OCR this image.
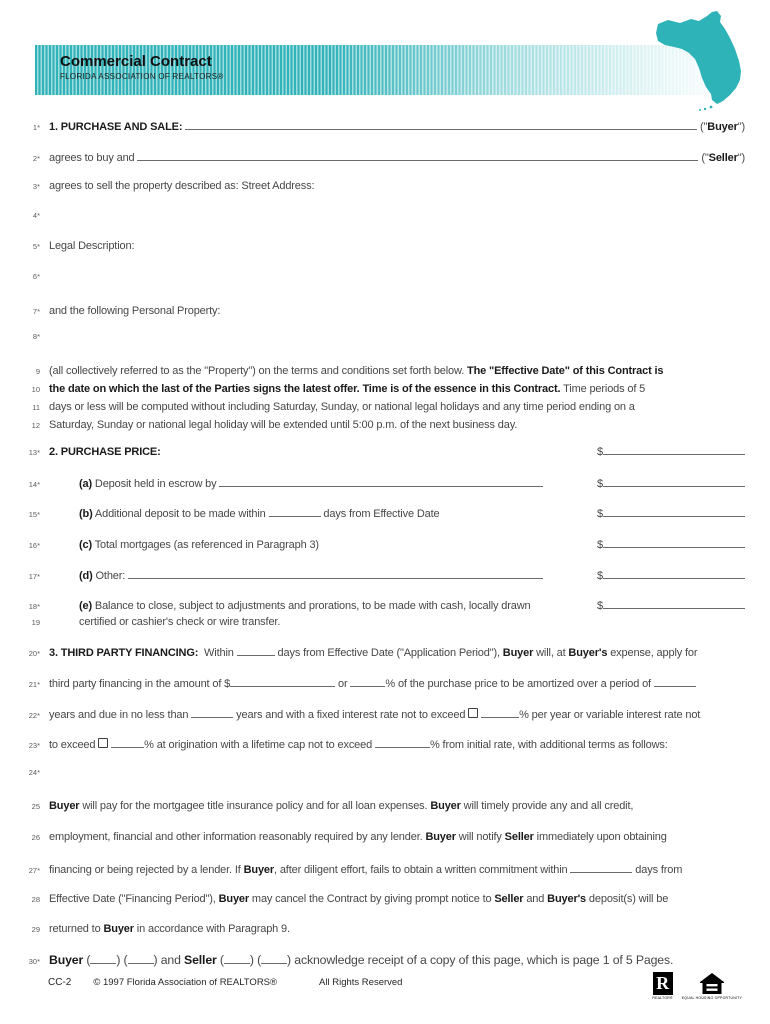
Commercial Contract
FLORIDA ASSOCIATION OF REALTORS®
1* 1. PURCHASE AND SALE:	(" Buyer ")
2* agrees to buy and	(" Seller ")
3* agrees to sell the property described as: Street Address:
4*
5* Legal Description:
6*
7* and the following Personal Property:
8*
9 (all collectively referred to as the "Property") on the terms and conditions set forth below. The "Effective Date" of this Contract is
10 the date on which the last of the Parties signs the latest offer. Time is of the essence in this Contract. Time periods of 5
11 days or less will be computed without including Saturday, Sunday, or national legal holidays and any time period ending on a
12 Saturday, Sunday or national legal holiday will be extended until 5:00 p.m. of the next business day.
13* 2. PURCHASE PRICE:	$
14*	(a) Deposit held in escrow by	$
15*	(b) Additional deposit to be made within	days from Effective Date	$
16*	(c) Total mortgages (as referenced in Paragraph 3)	$
17*	(d) Other:	$
18*	(e) Balance to close, subject to adjustments and prorations, to be made with cash, locally drawn	$
19	certified or cashier's check or wire transfer.
20* 3. THIRD PARTY FINANCING: Within	days from Effective Date ("Application Period"), Buyer will, at Buyer's expense, apply for
21* third party financing in the amount of $	or	% of the purchase price to be amortized over a period of
22* years and due in no less than	years and with a fixed interest rate not to exceed
	% per year or variable interest rate not
23* to exceed
	% at origination with a lifetime cap not to exceed	% from initial rate, with additional terms as follows:
24*
25 Buyer will pay for the mortgagee title insurance policy and for all loan expenses. Buyer will timely provide any and all credit,
26 employment, financial and other information reasonably required by any lender. Buyer will notify Seller immediately upon obtaining
27* financing or being rejected by a lender. If Buyer , after diligent effort, fails to obtain a written commitment within	days from
28 Effective Date ("Financing Period"), Buyer may cancel the Contract by giving prompt notice to Seller and Buyer's deposit(s) will be
29 returned to Buyer in accordance with Paragraph 9.
30* Buyer ( ) ( ) and Seller ( ) ( ) acknowledge receipt of a copy of this page, which is page 1 of 5 Pages.
CC-2 © 1997 Florida Association of REALTORS®	All Rights Reserved	R
REALTOR®	EQUAL HOUSING OPPORTUNITY
